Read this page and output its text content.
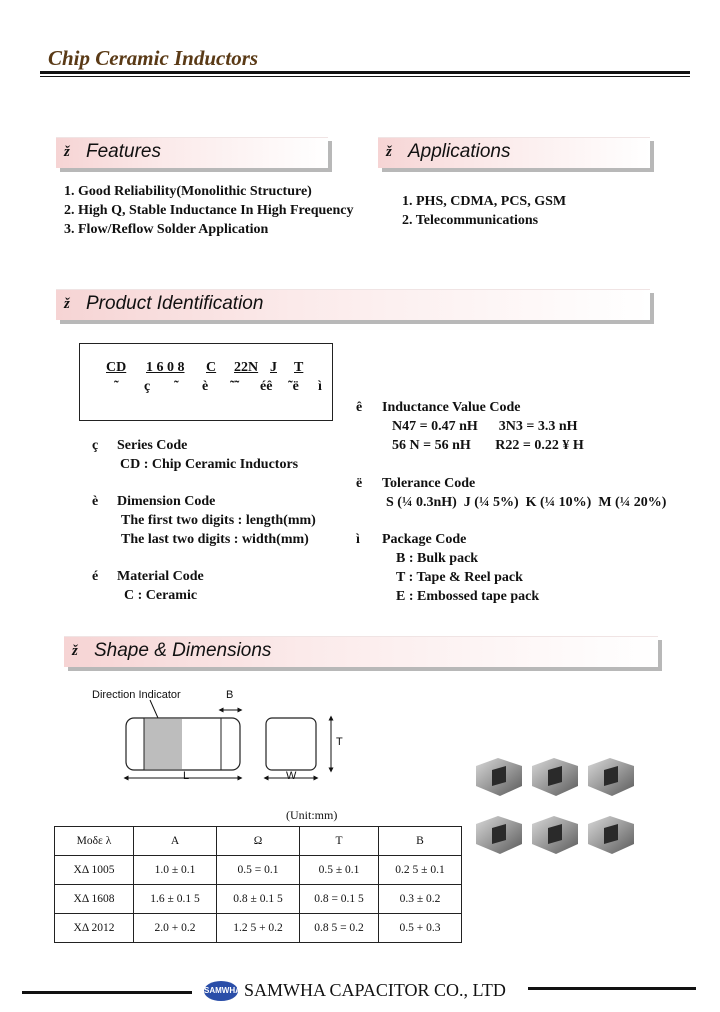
Chip Ceramic Inductors
ž Features
1. Good Reliability(Monolithic Structure)
2. High Q, Stable Inductance In High Frequency
3. Flow/Reflow Solder Application
ž Applications
1. PHS, CDMA, PCS, GSM
2. Telecommunications
ž Product Identification
CD 1 6 0 8 C 22N J T
˜ ç ˜ è ˜˜ éê ˜ë ì
ç Series Code
CD : Chip Ceramic Inductors
è Dimension Code
The first two digits : length(mm)
The last two digits : width(mm)
é Material Code
C : Ceramic
ê Inductance Value Code
N47 = 0.47 nH      3N3 = 3.3 nH
56 N = 56 nH       R22 = 0.22 ¥ H
ë Tolerance Code
S (¼ 0.3nH)  J (¼ 5%)  K (¼ 10%)  M (¼ 20%)
ì Package Code
B : Bulk pack
T : Tape & Reel pack
E : Embossed tape pack
ž Shape & Dimensions
Direction Indicator	B
L	W
T
(Unit:mm)
Moδε λ	A	Ω	T	B
XΔ 1005	1.0 ± 0.1	0.5 = 0.1	0.5 ± 0.1	0.2 5 ± 0.1
XΔ 1608	1.6 ± 0.1 5	0.8 ± 0.1 5	0.8 = 0.1 5	0.3 ± 0.2
XΔ 2012	2.0 + 0.2	1.2 5 + 0.2	0.8 5 = 0.2	0.5 + 0.3
SAMWHA SAMWHA CAPACITOR CO., LTD
